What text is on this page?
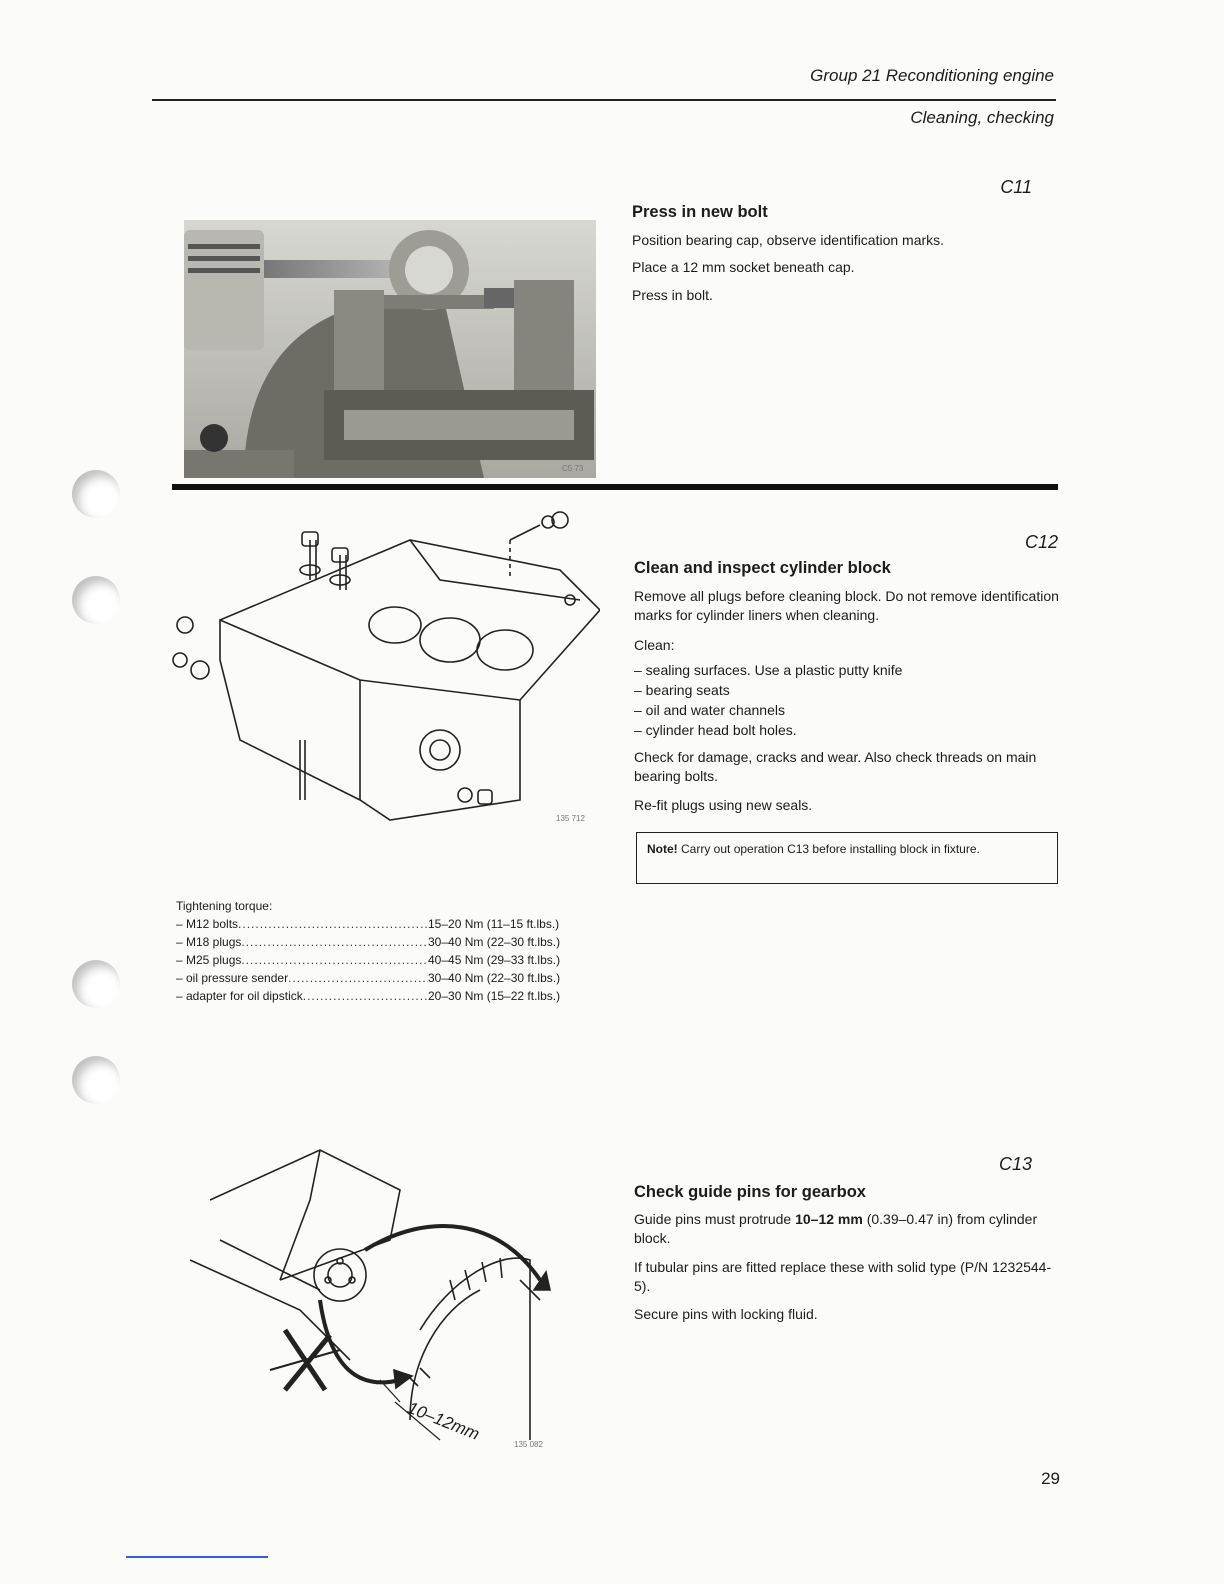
Group 21 Reconditioning engine
Cleaning, checking
C5 73
C11
Press in new bolt
Position bearing cap, observe identification marks.
Place a 12 mm socket beneath cap.
Press in bolt.
135 712
C12
Clean and inspect cylinder block
Remove all plugs before cleaning block. Do not remove identification marks for cylinder liners when cleaning.
Clean:
– sealing surfaces. Use a plastic putty knife
– bearing seats
– oil and water channels
– cylinder head bolt holes.
Check for damage, cracks and wear. Also check threads on main bearing bolts.
Re-fit plugs using new seals.
Note! Carry out operation C13 before installing block in fixture.
Tightening torque:
– M12 bolts .....	15–20 Nm (11–15 ft.lbs.)
– M18 plugs .....	30–40 Nm (22–30 ft.lbs.)
– M25 plugs .....	40–45 Nm (29–33 ft.lbs.)
– oil pressure sender .....	30–40 Nm (22–30 ft.lbs.)
– adapter for oil dipstick .....	20–30 Nm (15–22 ft.lbs.)
10–12mm
135 082
C13
Check guide pins for gearbox
Guide pins must protrude 10–12 mm (0.39–0.47 in) from cylinder block.
If tubular pins are fitted replace these with solid type (P/N 1232544-5).
Secure pins with locking fluid.
29
